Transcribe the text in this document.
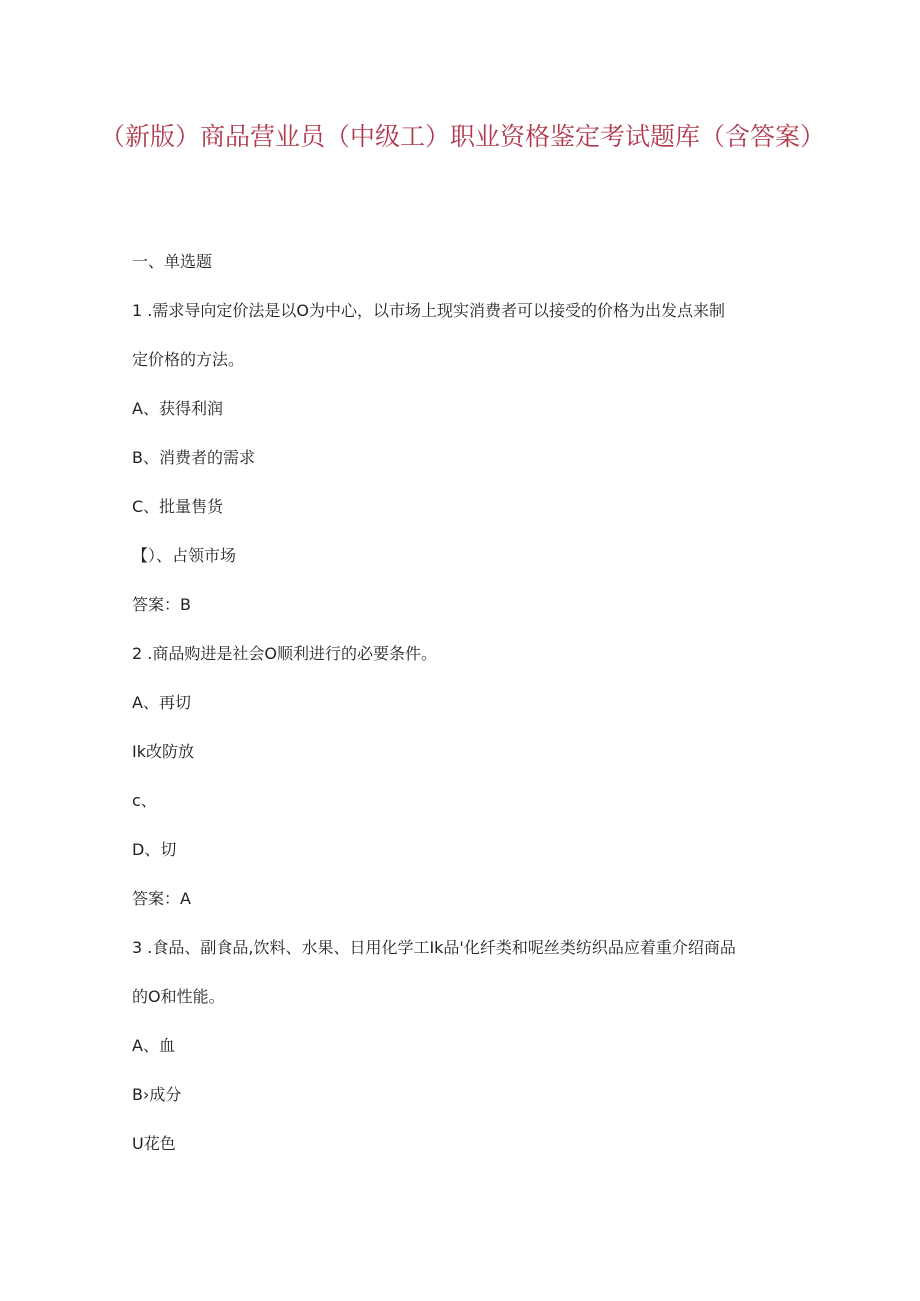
（新版）商品营业员（中级工）职业资格鉴定考试题库（含答案）
一、单选题
1 .需求导向定价法是以O为中心，以市场上现实消费者可以接受的价格为出发点来制
定价格的方法。
A、获得利润
B、消费者的需求
C、批量售货
【）、占领市场
答案：B
2 .商品购进是社会O顺利进行的必要条件。
A、再切
Ik改防放
c、
D、切
答案：A
3 .食品、副食品,饮料、水果、日用化学工Ik品'化纤类和呢丝类纺织品应着重介绍商品
的O和性能。
A、血
B›成分
U花色
